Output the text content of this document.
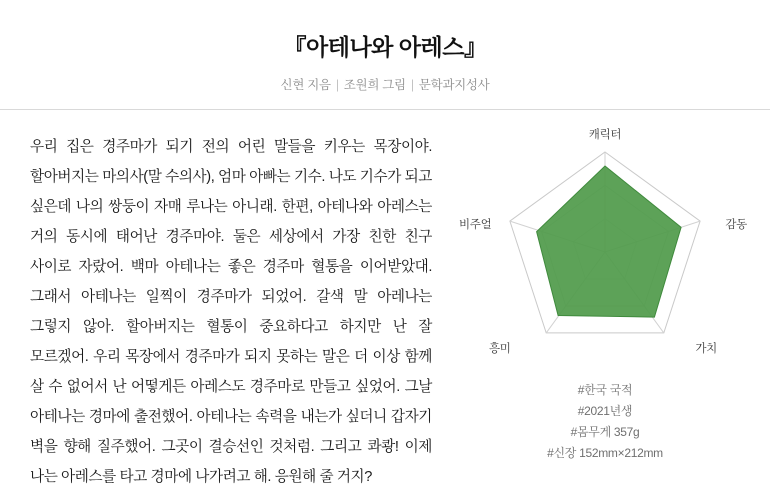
『아테나와 아레스』
신현 지음 | 조원희 그림 | 문학과지성사

우리 집은 경주마가 되기 전의 어린 말들을 키우는 목장이야. 할아버지는 마의사(말 수의사), 엄마 아빠는 기수. 나도 기수가 되고 싶은데 나의 쌍둥이 자매 루나는 아니래. 한편, 아테나와 아레스는 거의 동시에 태어난 경주마야. 둘은 세상에서 가장 친한 친구 사이로 자랐어. 백마 아테나는 좋은 경주마 혈통을 이어받았대. 그래서 아테나는 일찍이 경주마가 되었어. 갈색 말 아레나는 그렇지 않아. 할아버지는 혈통이 중요하다고 하지만 난 잘 모르겠어. 우리 목장에서 경주마가 되지 못하는 말은 더 이상 함께 살 수 없어서 난 어떻게든 아레스도 경주마로 만들고 싶었어. 그날 아테나는 경마에 출전했어. 아테나는 속력을 내는가 싶더니 갑자기 벽을 향해 질주했어. 그곳이 결승선인 것처럼. 그리고 콰쾅! 이제 나는 아레스를 타고 경마에 나가려고 해. 응원해 줄 거지?

캐릭터
감동
가치
흥미
비주얼
#한국 국적
#2021년생
#몸무게 357g
#신장 152mm×212mm
